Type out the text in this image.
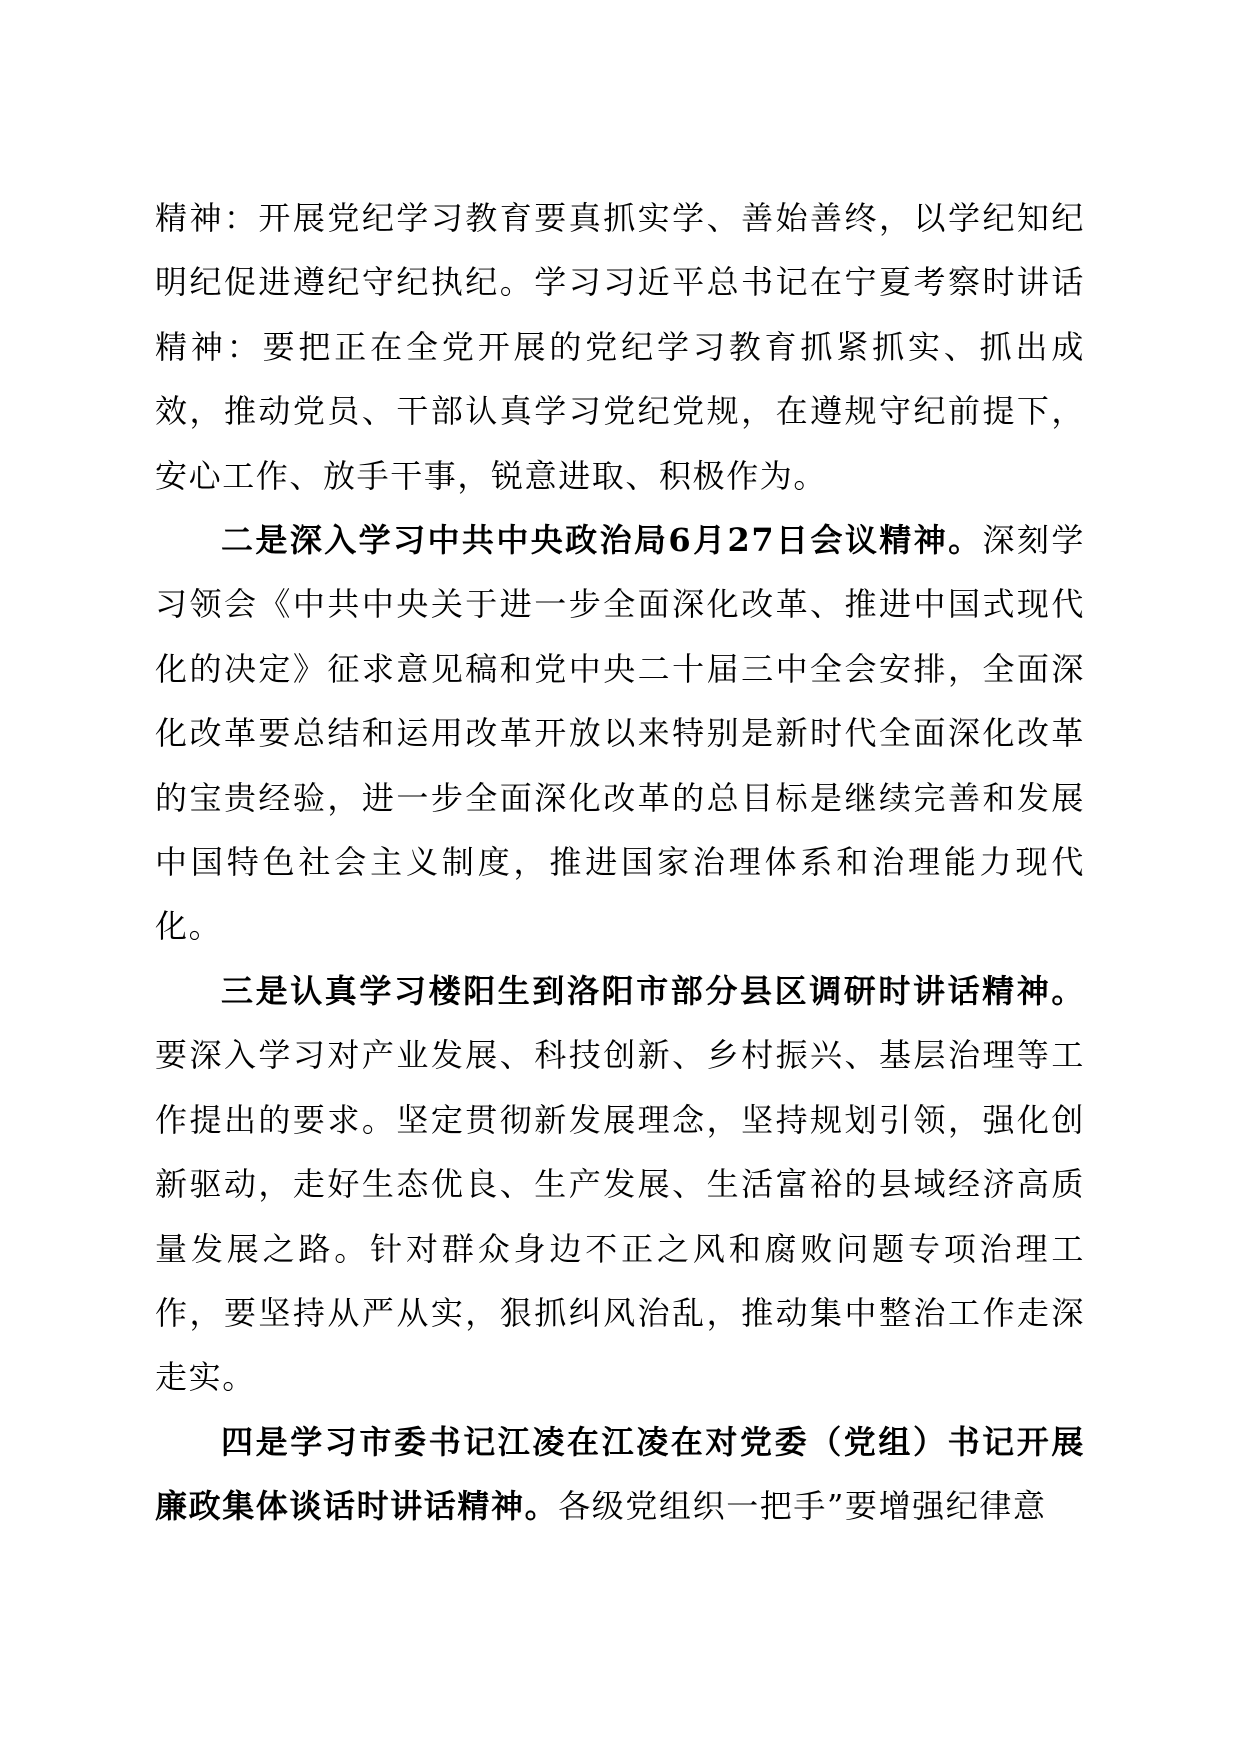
精神：开展党纪学习教育要真抓实学、善始善终，以学纪知纪明纪促进遵纪守纪执纪。学习习近平总书记在宁夏考察时讲话精神：要把正在全党开展的党纪学习教育抓紧抓实、抓出成效，推动党员、干部认真学习党纪党规，在遵规守纪前提下，安心工作、放手干事，锐意进取、积极作为。

二是深入学习中共中央政治局6月27日会议精神。深刻学习领会《中共中央关于进一步全面深化改革、推进中国式现代化的决定》征求意见稿和党中央二十届三中全会安排，全面深化改革要总结和运用改革开放以来特别是新时代全面深化改革的宝贵经验，进一步全面深化改革的总目标是继续完善和发展中国特色社会主义制度，推进国家治理体系和治理能力现代化。

三是认真学习楼阳生到洛阳市部分县区调研时讲话精神。要深入学习对产业发展、科技创新、乡村振兴、基层治理等工作提出的要求。坚定贯彻新发展理念，坚持规划引领，强化创新驱动，走好生态优良、生产发展、生活富裕的县域经济高质量发展之路。针对群众身边不正之风和腐败问题专项治理工作，要坚持从严从实，狠抓纠风治乱，推动集中整治工作走深走实。

四是学习市委书记江凌在江凌在对党委（党组）书记开展廉政集体谈话时讲话精神。各级党组织一把手”要增强纪律意
